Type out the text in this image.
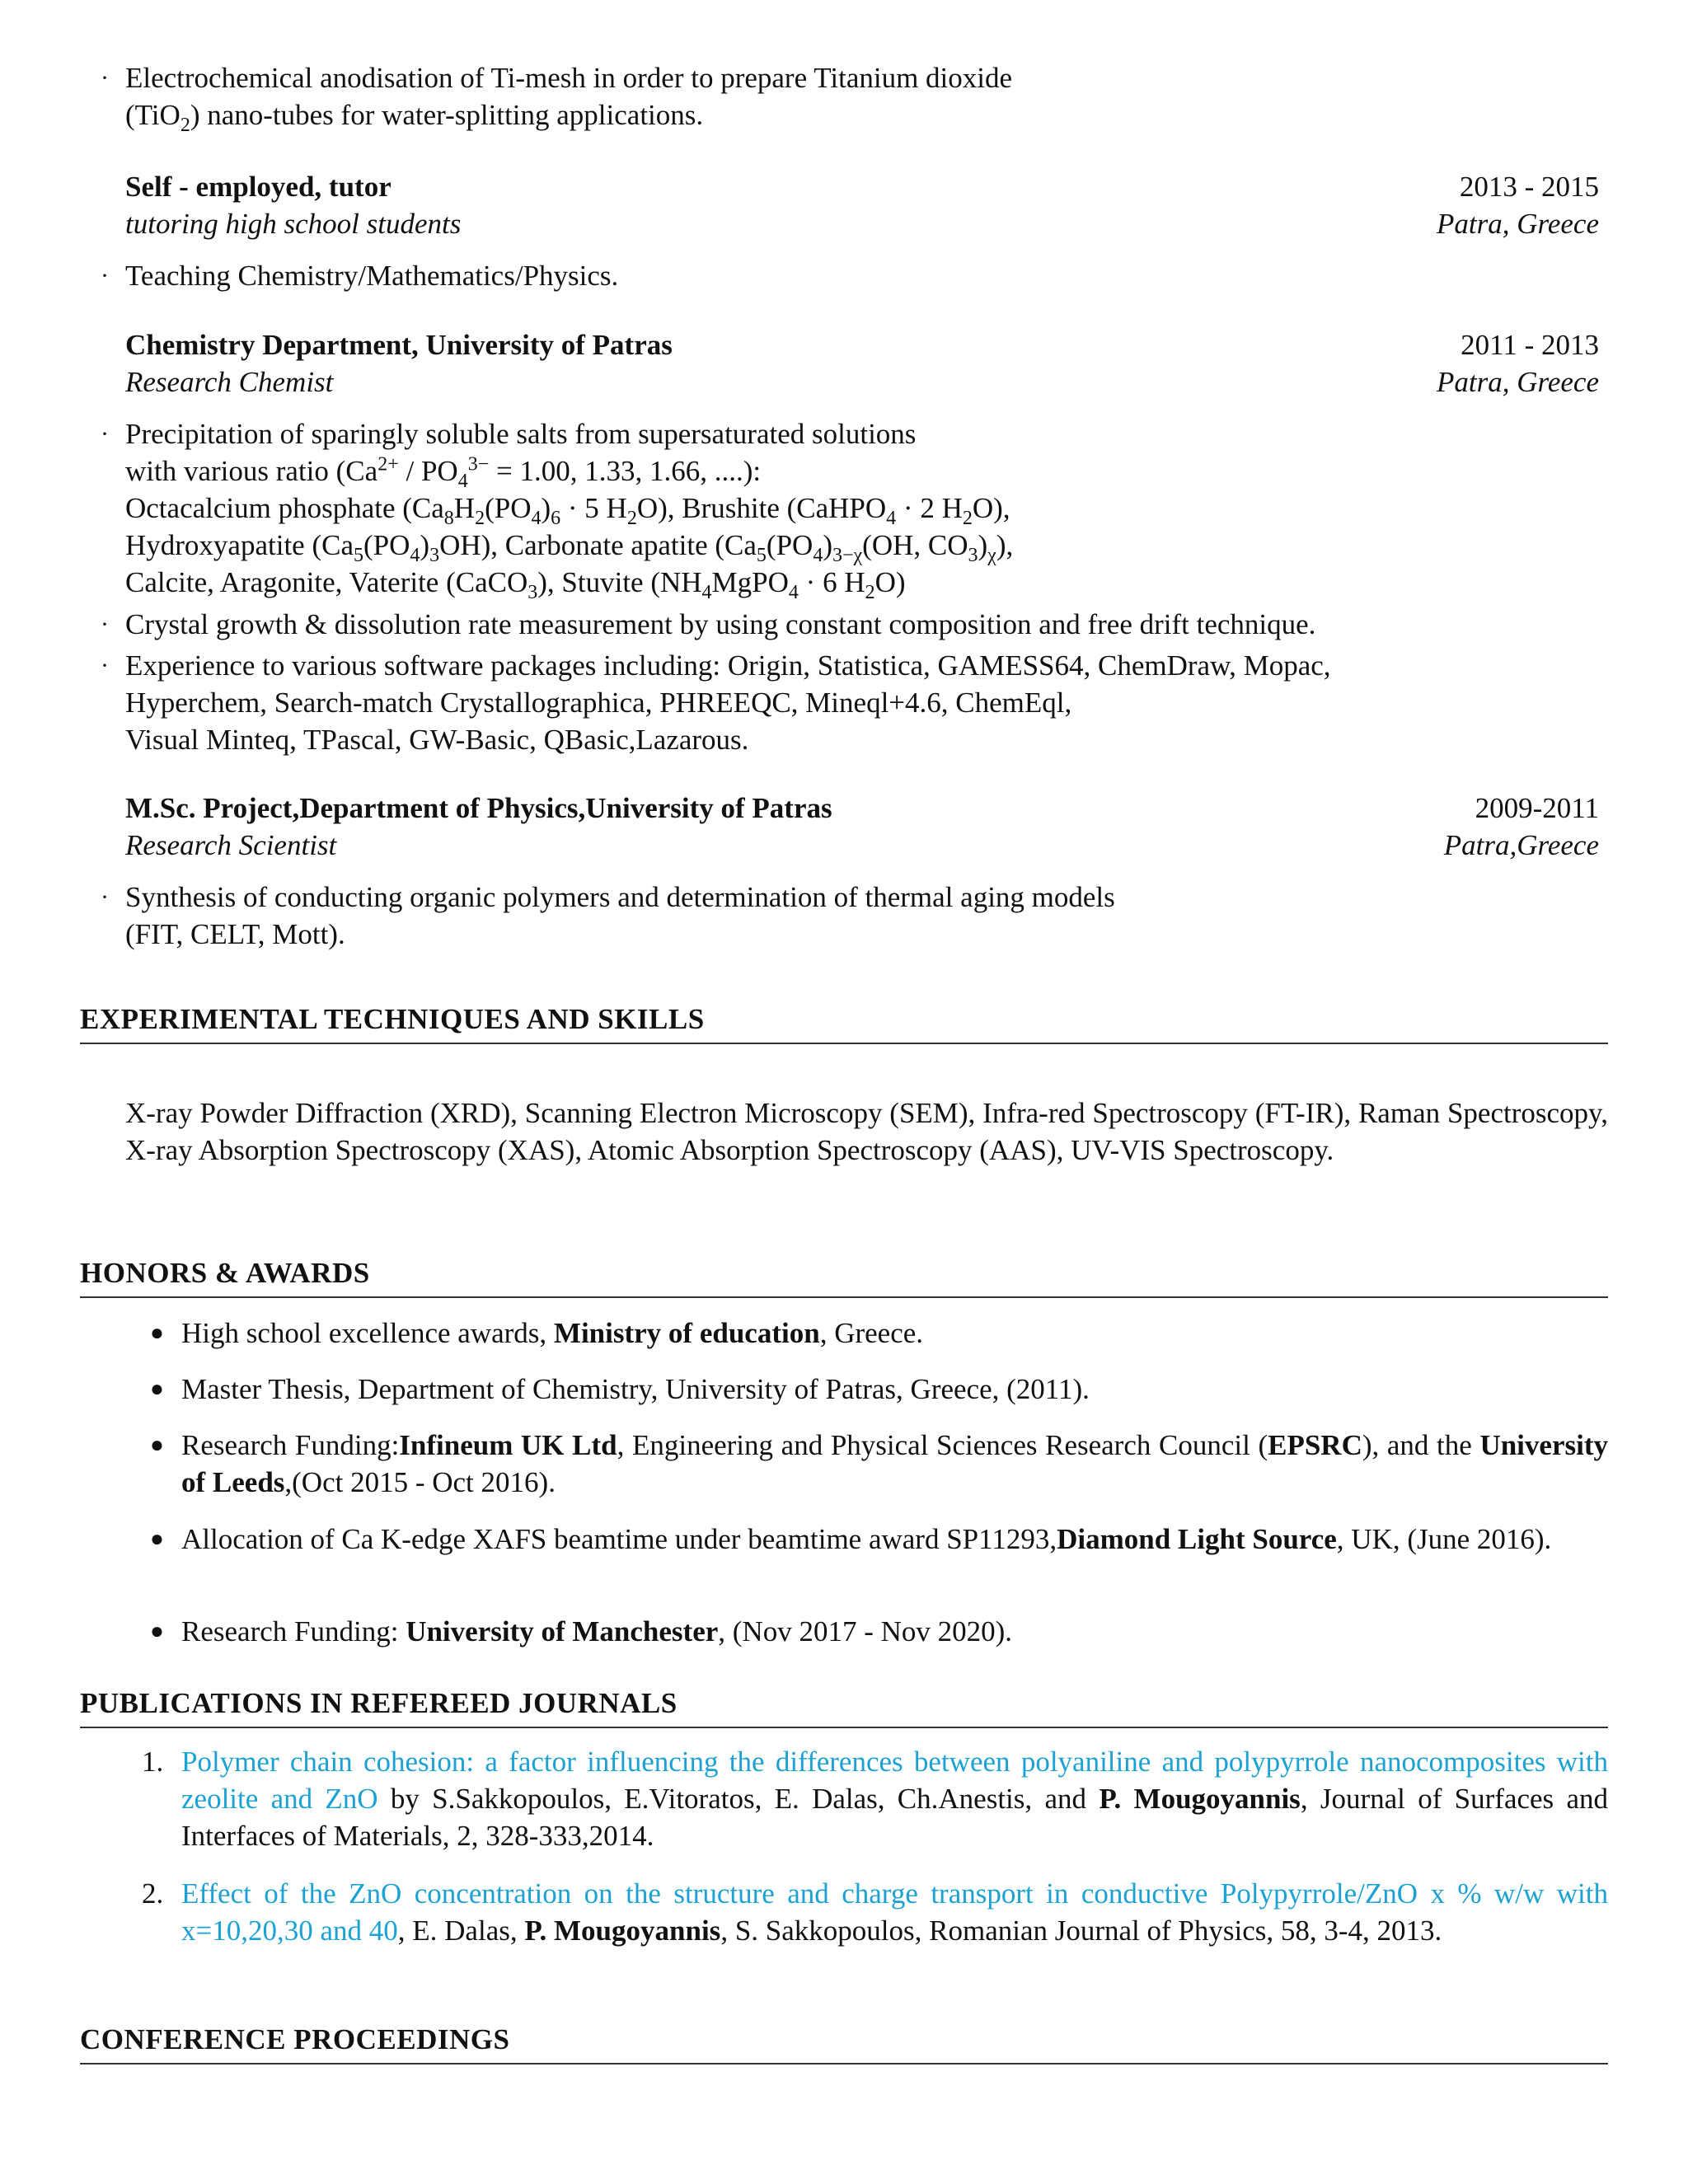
· Electrochemical anodisation of Ti-mesh in order to prepare Titanium dioxide
(TiO$_2$) nano-tubes for water-splitting applications.
Self - employed, tutor	2013 - 2015
tutoring high school students	Patra, Greece
· Teaching Chemistry/Mathematics/Physics.
Chemistry Department, University of Patras	2011 - 2013
Research Chemist	Patra, Greece
· Precipitation of sparingly soluble salts from supersaturated solutions
with various ratio ($Ca^{2+} / PO_4^{3-} = 1.00$, 1.33, 1.66, ....):
Octacalcium phosphate ($Ca_8H_2(PO_4)_6 \cdot 5$ $H_2O$), Brushite (CaHPO$_4$ · 2 $H_2O$),
Hydroxyapatite $(Ca_5(PO_4)_3OH)$, Carbonate apatite ($Ca_5(PO_4)_{3-\chi}(OH$, $CO_3)_\chi$),
Calcite, Aragonite, Vaterite (CaCO$_3$), Stuvite ($NH_4MgPO_4 \cdot 6$ $H_2O$)
· Crystal growth & dissolution rate measurement by using constant composition and free drift technique.
· Experience to various software packages including: Origin, Statistica, GAMESS64, ChemDraw, Mopac,
Hyperchem, Search-match Crystallographica, PHREEQC, Mineql+4.6, ChemEql,
Visual Minteq, TPascal, GW-Basic, QBasic,Lazarous.
M.Sc. Project,Department of Physics,University of Patras	2009-2011
Research Scientist	Patra,Greece
· Synthesis of conducting organic polymers and determination of thermal aging models
(FIT, CELT, Mott).
EXPERIMENTAL TECHNIQUES AND SKILLS
X-ray Powder Diffraction (XRD), Scanning Electron Microscopy (SEM), Infra-red Spectroscopy (FT-IR), Raman Spectroscopy, X-ray Absorption Spectroscopy (XAS), Atomic Absorption Spectroscopy (AAS), UV-VIS Spectroscopy.
HONORS & AWARDS
● High school excellence awards, Ministry of education, Greece.
● Master Thesis, Department of Chemistry, University of Patras, Greece, (2011).
● Research Funding:Infineum UK Ltd, Engineering and Physical Sciences Research Council (EPSRC), and the University of Leeds,(Oct 2015 - Oct 2016).
● Allocation of Ca K-edge XAFS beamtime under beamtime award SP11293,Diamond Light Source, UK, (June 2016).
● Research Funding: University of Manchester, (Nov 2017 - Nov 2020).
PUBLICATIONS IN REFEREED JOURNALS
1. Polymer chain cohesion: a factor influencing the differences between polyaniline and polypyrrole nanocomposites with zeolite and ZnO by S.Sakkopoulos, E.Vitoratos, E. Dalas, Ch.Anestis, and P. Mougoyannis, Journal of Surfaces and Interfaces of Materials, 2, 328-333,2014.
2. Effect of the ZnO concentration on the structure and charge transport in conductive Polypyrrole/ZnO x % w/w with x=10,20,30 and 40, E. Dalas, P. Mougoyannis, S. Sakkopoulos, Romanian Journal of Physics, 58, 3-4, 2013.
CONFERENCE PROCEEDINGS
